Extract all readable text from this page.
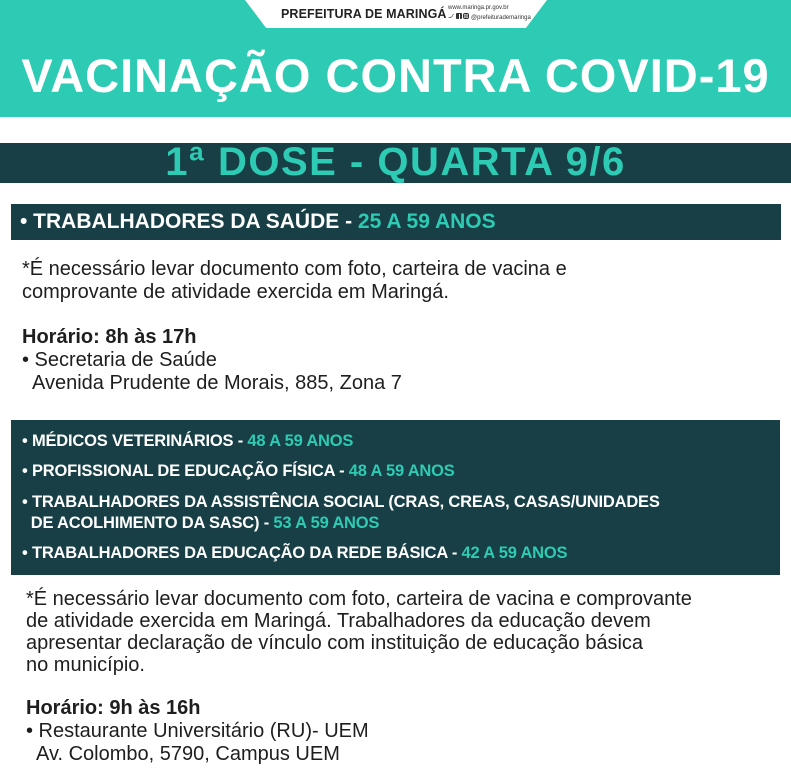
PREFEITURA DE MARINGÁ www.maringa.pr.gov.br
@prefeiturademaringa
VACINAÇÃO CONTRA COVID-19
1ª DOSE - QUARTA 9/6
• TRABALHADORES DA SAÚDE - 25 A 59 ANOS
*É necessário levar documento com foto, carteira de vacina e
comprovante de atividade exercida em Maringá.
Horário: 8h às 17h
• Secretaria de Saúde
Avenida Prudente de Morais, 885, Zona 7
• MÉDICOS VETERINÁRIOS - 48 A 59 ANOS
• PROFISSIONAL DE EDUCAÇÃO FÍSICA - 48 A 59 ANOS
• TRABALHADORES DA ASSISTÊNCIA SOCIAL (CRAS, CREAS, CASAS/UNIDADES
DE ACOLHIMENTO DA SASC) - 53 A 59 ANOS
• TRABALHADORES DA EDUCAÇÃO DA REDE BÁSICA - 42 A 59 ANOS
*É necessário levar documento com foto, carteira de vacina e comprovante
de atividade exercida em Maringá. Trabalhadores da educação devem
apresentar declaração de vínculo com instituição de educação básica
no município.
Horário: 9h às 16h
• Restaurante Universitário (RU)- UEM
Av. Colombo, 5790, Campus UEM
